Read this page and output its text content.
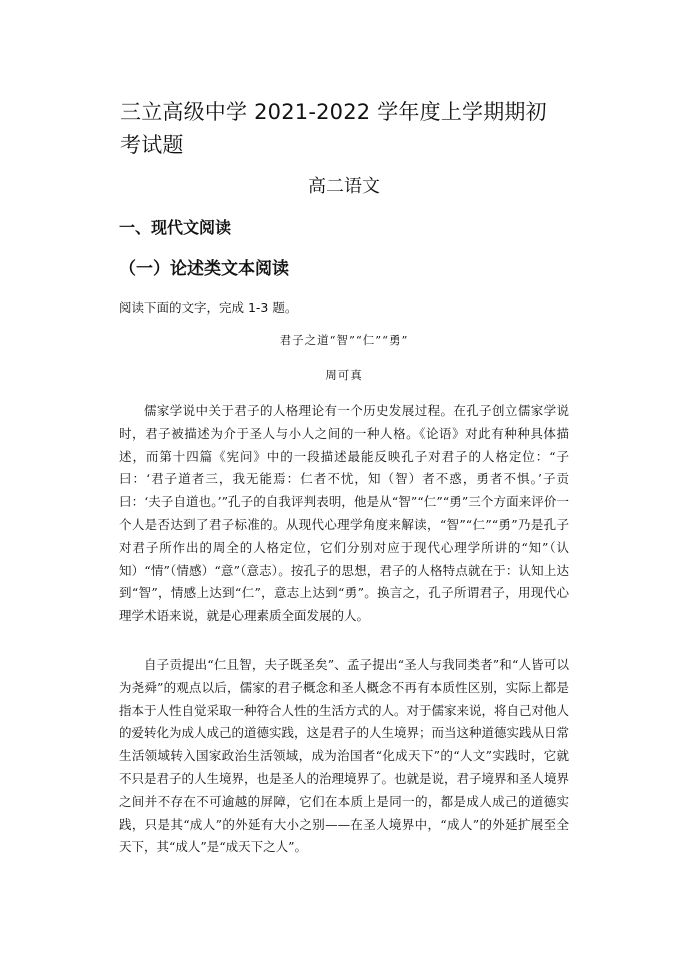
三立高级中学 2021-2022 学年度上学期期初考试题
高二语文
一、现代文阅读
（一）论述类文本阅读
阅读下面的文字，完成 1-3 题。
君子之道“智”“仁”“勇”
周可真

儒家学说中关于君子的人格理论有一个历史发展过程。在孔子创立儒家学说时，君子被描述为介于圣人与小人之间的一种人格。《论语》对此有种种具体描述，而第十四篇《宪问》中的一段描述最能反映孔子对君子的人格定位：“子曰：‘君子道者三，我无能焉：仁者不忧，知（智）者不惑，勇者不惧。’子贡曰：‘夫子自道也。’”孔子的自我评判表明，他是从“智”“仁”“勇”三个方面来评价一个人是否达到了君子标准的。从现代心理学角度来解读，“智”“仁”“勇”乃是孔子对君子所作出的周全的人格定位，它们分别对应于现代心理学所讲的“知”（认知）“情”（情感）“意”（意志）。按孔子的思想，君子的人格特点就在于：认知上达到“智”，情感上达到“仁”，意志上达到“勇”。换言之，孔子所谓君子，用现代心理学术语来说，就是心理素质全面发展的人。

自子贡提出“仁且智，夫子既圣矣”、孟子提出“圣人与我同类者”和“人皆可以为尧舜”的观点以后，儒家的君子概念和圣人概念不再有本质性区别，实际上都是指本于人性自觉采取一种符合人性的生活方式的人。对于儒家来说，将自己对他人的爱转化为成人成己的道德实践，这是君子的人生境界；而当这种道德实践从日常生活领域转入国家政治生活领域，成为治国者“化成天下”的“人文”实践时，它就不只是君子的人生境界，也是圣人的治理境界了。也就是说，君子境界和圣人境界之间并不存在不可逾越的屏障，它们在本质上是同一的，都是成人成己的道德实践，只是其“成人”的外延有大小之别——在圣人境界中，“成人”的外延扩展至全天下，其“成人”是“成天下之人”。
